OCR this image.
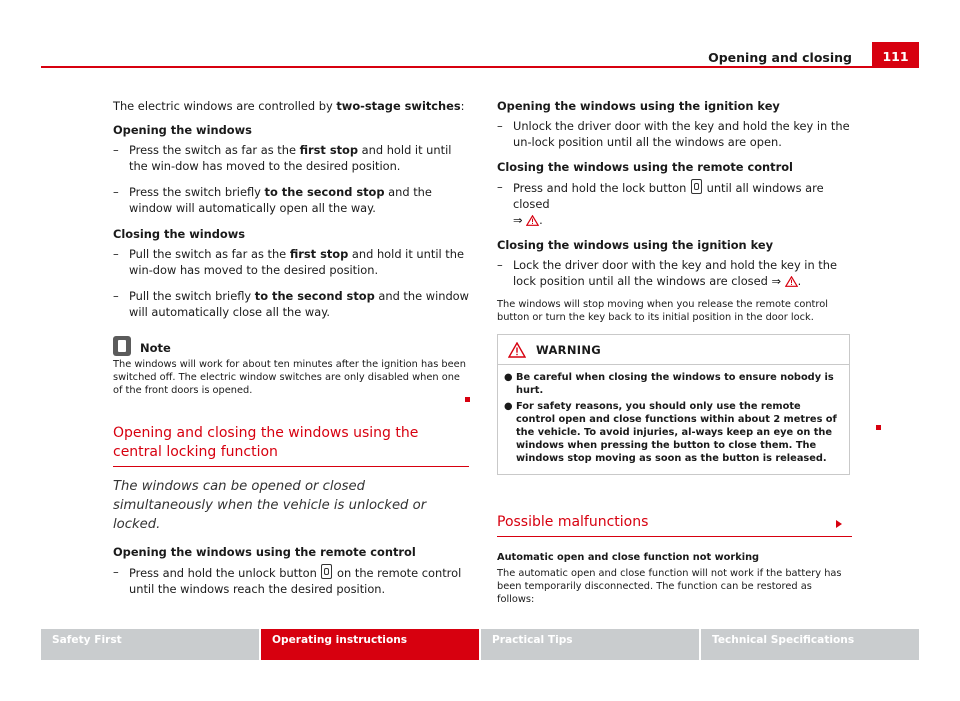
Opening and closing	111

The electric windows are controlled by two-stage switches:

Opening the windows

– Press the switch as far as the first stop and hold it until the win-dow has moved to the desired position.
– Press the switch briefly to the second stop and the window will automatically open all the way.

Closing the windows

– Pull the switch as far as the first stop and hold it until the win-dow has moved to the desired position.
– Pull the switch briefly to the second stop and the window will automatically close all the way.
Note

The windows will work for about ten minutes after the ignition has been switched off. The electric window switches are only disabled when one of the front doors is opened.

Opening and closing the windows using the central locking function

The windows can be opened or closed simultaneously when the vehicle is unlocked or locked.

Opening the windows using the remote control

– Press and hold the unlock button  on the remote control until the windows reach the desired position.

Opening the windows using the ignition key

– Unlock the driver door with the key and hold the key in the un-lock position until all the windows are open.

Closing the windows using the remote control

– Press and hold the lock button  until all windows are closed
⇒ .

Closing the windows using the ignition key

– Lock the driver door with the key and hold the key in the lock position until all the windows are closed ⇒ .

The windows will stop moving when you release the remote control button or turn the key back to its initial position in the door lock.

WARNING
● Be careful when closing the windows to ensure nobody is hurt.
● For safety reasons, you should only use the remote control open and close functions within about 2 metres of the vehicle. To avoid injuries, al-ways keep an eye on the windows when pressing the button to close them. The windows stop moving as soon as the button is released.

Possible malfunctions

Automatic open and close function not working

The automatic open and close function will not work if the battery has been temporarily disconnected. The function can be restored as follows:

Safety First	Operating instructions	Practical Tips	Technical Specifications
